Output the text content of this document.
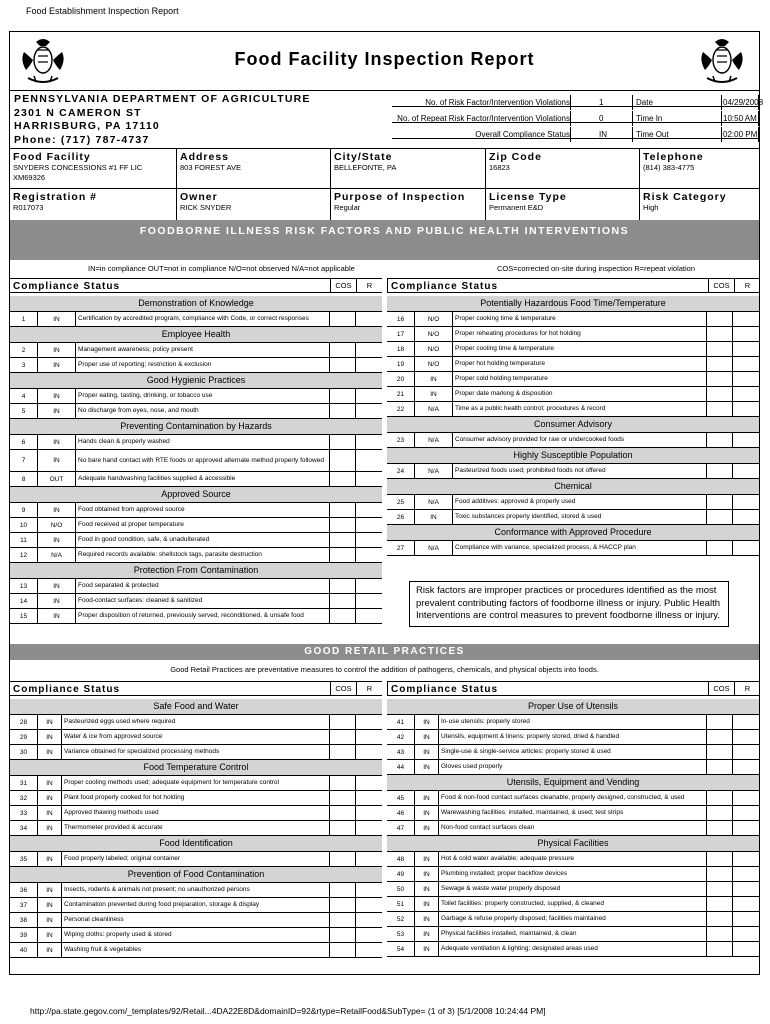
Food Establishment Inspection Report
Food Facility Inspection Report
PENNSYLVANIA DEPARTMENT OF AGRICULTURE
2301 N CAMERON ST
HARRISBURG, PA 17110
Phone: (717) 787-4737
No. of Risk Factor/Intervention Violations	1	Date	04/29/2008
No. of Repeat Risk Factor/Intervention Violations	0	Time In	10:50 AM
Overall Compliance Status	IN	Time Out	02:00 PM
Food Facility
SNYDERS CONCESSIONS #1 FF LIC
XM69326
Address
803 FOREST AVE
City/State
BELLEFONTE, PA
Zip Code
16823
Telephone
(814) 383-4775
Registration #
R017073
Owner
RICK SNYDER
Purpose of Inspection
Regular
License Type
Permanent E&D
Risk Category
High
FOODBORNE ILLNESS RISK FACTORS AND PUBLIC HEALTH INTERVENTIONS
IN=in compliance OUT=not in compliance N/O=not observed N/A=not applicable	COS=corrected on-site during inspection R=repeat violation
Compliance Status	COS	R	Compliance Status	COS	R
Demonstration of Knowledge
1	IN	Certification by accredited program, compliance with Code, or correct responses
Employee Health
2	IN	Management awareness; policy present
3	IN	Proper use of reporting; restriction & exclusion
Good Hygienic Practices
4	IN	Proper eating, tasting, drinking, or tobacco use
5	IN	No discharge from eyes, nose, and mouth
Preventing Contamination by Hazards
6	IN	Hands clean & properly washed
7	IN	No bare hand contact with RTE foods or approved alternate method properly followed
8	OUT	Adequate handwashing facilities supplied & accessible
Approved Source
9	IN	Food obtained from approved source
10	N/O	Food received at proper temperature
11	IN	Food in good condition, safe, & unadulterated
12	N/A	Required records available: shellstock tags, parasite destruction
Protection From Contamination
13	IN	Food separated & protected
14	IN	Food-contact surfaces: cleaned & sanitized
15	IN	Proper disposition of returned, previously served, reconditioned, & unsafe food
Potentially Hazardous Food Time/Temperature
16	N/O	Proper cooking time & temperature
17	N/O	Proper reheating procedures for hot holding
18	N/O	Proper cooling time & temperature
19	N/O	Proper hot holding temperature
20	IN	Proper cold holding temperature
21	IN	Proper date marking & disposition
22	N/A	Time as a public health control; procedures & record
Consumer Advisory
23	N/A	Consumer advisory provided for raw or undercooked foods
Highly Susceptible Population
24	N/A	Pasteurized foods used; prohibited foods not offered
Chemical
25	N/A	Food additives: approved & properly used
26	IN	Toxic substances properly identified, stored & used
Conformance with Approved Procedure
27	N/A	Compliance with variance, specialized process, & HACCP plan
Risk factors are improper practices or procedures identified as the most prevalent contributing factors of foodborne illness or injury. Public Health Interventions are control measures to prevent foodborne illness or injury.
GOOD RETAIL PRACTICES
Good Retail Practices are preventative measures to control the addition of pathogens, chemicals, and physical objects into foods.
Compliance Status	COS	R	Compliance Status	COS	R
Safe Food and Water
28	IN	Pasteurized eggs used where required
29	IN	Water & ice from approved source
30	IN	Variance obtained for specialized processing methods
Food Temperature Control
31	IN	Proper cooling methods used; adequate equipment for temperature control
32	IN	Plant food properly cooked for hot holding
33	IN	Approved thawing methods used
34	IN	Thermometer provided & accurate
Food Identification
35	IN	Food properly labeled; original container
Prevention of Food Contamination
36	IN	Insects, rodents & animals not present; no unauthorized persons
37	IN	Contamination prevented during food preparation, storage & display
38	IN	Personal cleanliness
39	IN	Wiping cloths: properly used & stored
40	IN	Washing fruit & vegetables
Proper Use of Utensils
41	IN	In-use utensils: properly stored
42	IN	Utensils, equipment & linens: properly stored, dried & handled
43	IN	Single-use & single-service articles: properly stored & used
44	IN	Gloves used properly
Utensils, Equipment and Vending
45	IN	Food & non-food contact surfaces cleanable, properly designed, constructed, & used
46	IN	Warewashing facilities: installed, maintained, & used; test strips
47	IN	Non-food contact surfaces clean
Physical Facilities
48	IN	Hot & cold water available; adequate pressure
49	IN	Plumbing installed; proper backflow devices
50	IN	Sewage & waste water properly disposed
51	IN	Toilet facilities: properly constructed, supplied, & cleaned
52	IN	Garbage & refuse properly disposed; facilities maintained
53	IN	Physical facilities installed, maintained, & clean
54	IN	Adequate ventilation & lighting; designated areas used
http://pa.state.gegov.com/_templates/92/Retail...4DA22E8D&domainID=92&rtype=RetailFood&SubType= (1 of 3) [5/1/2008 10:24:44 PM]
